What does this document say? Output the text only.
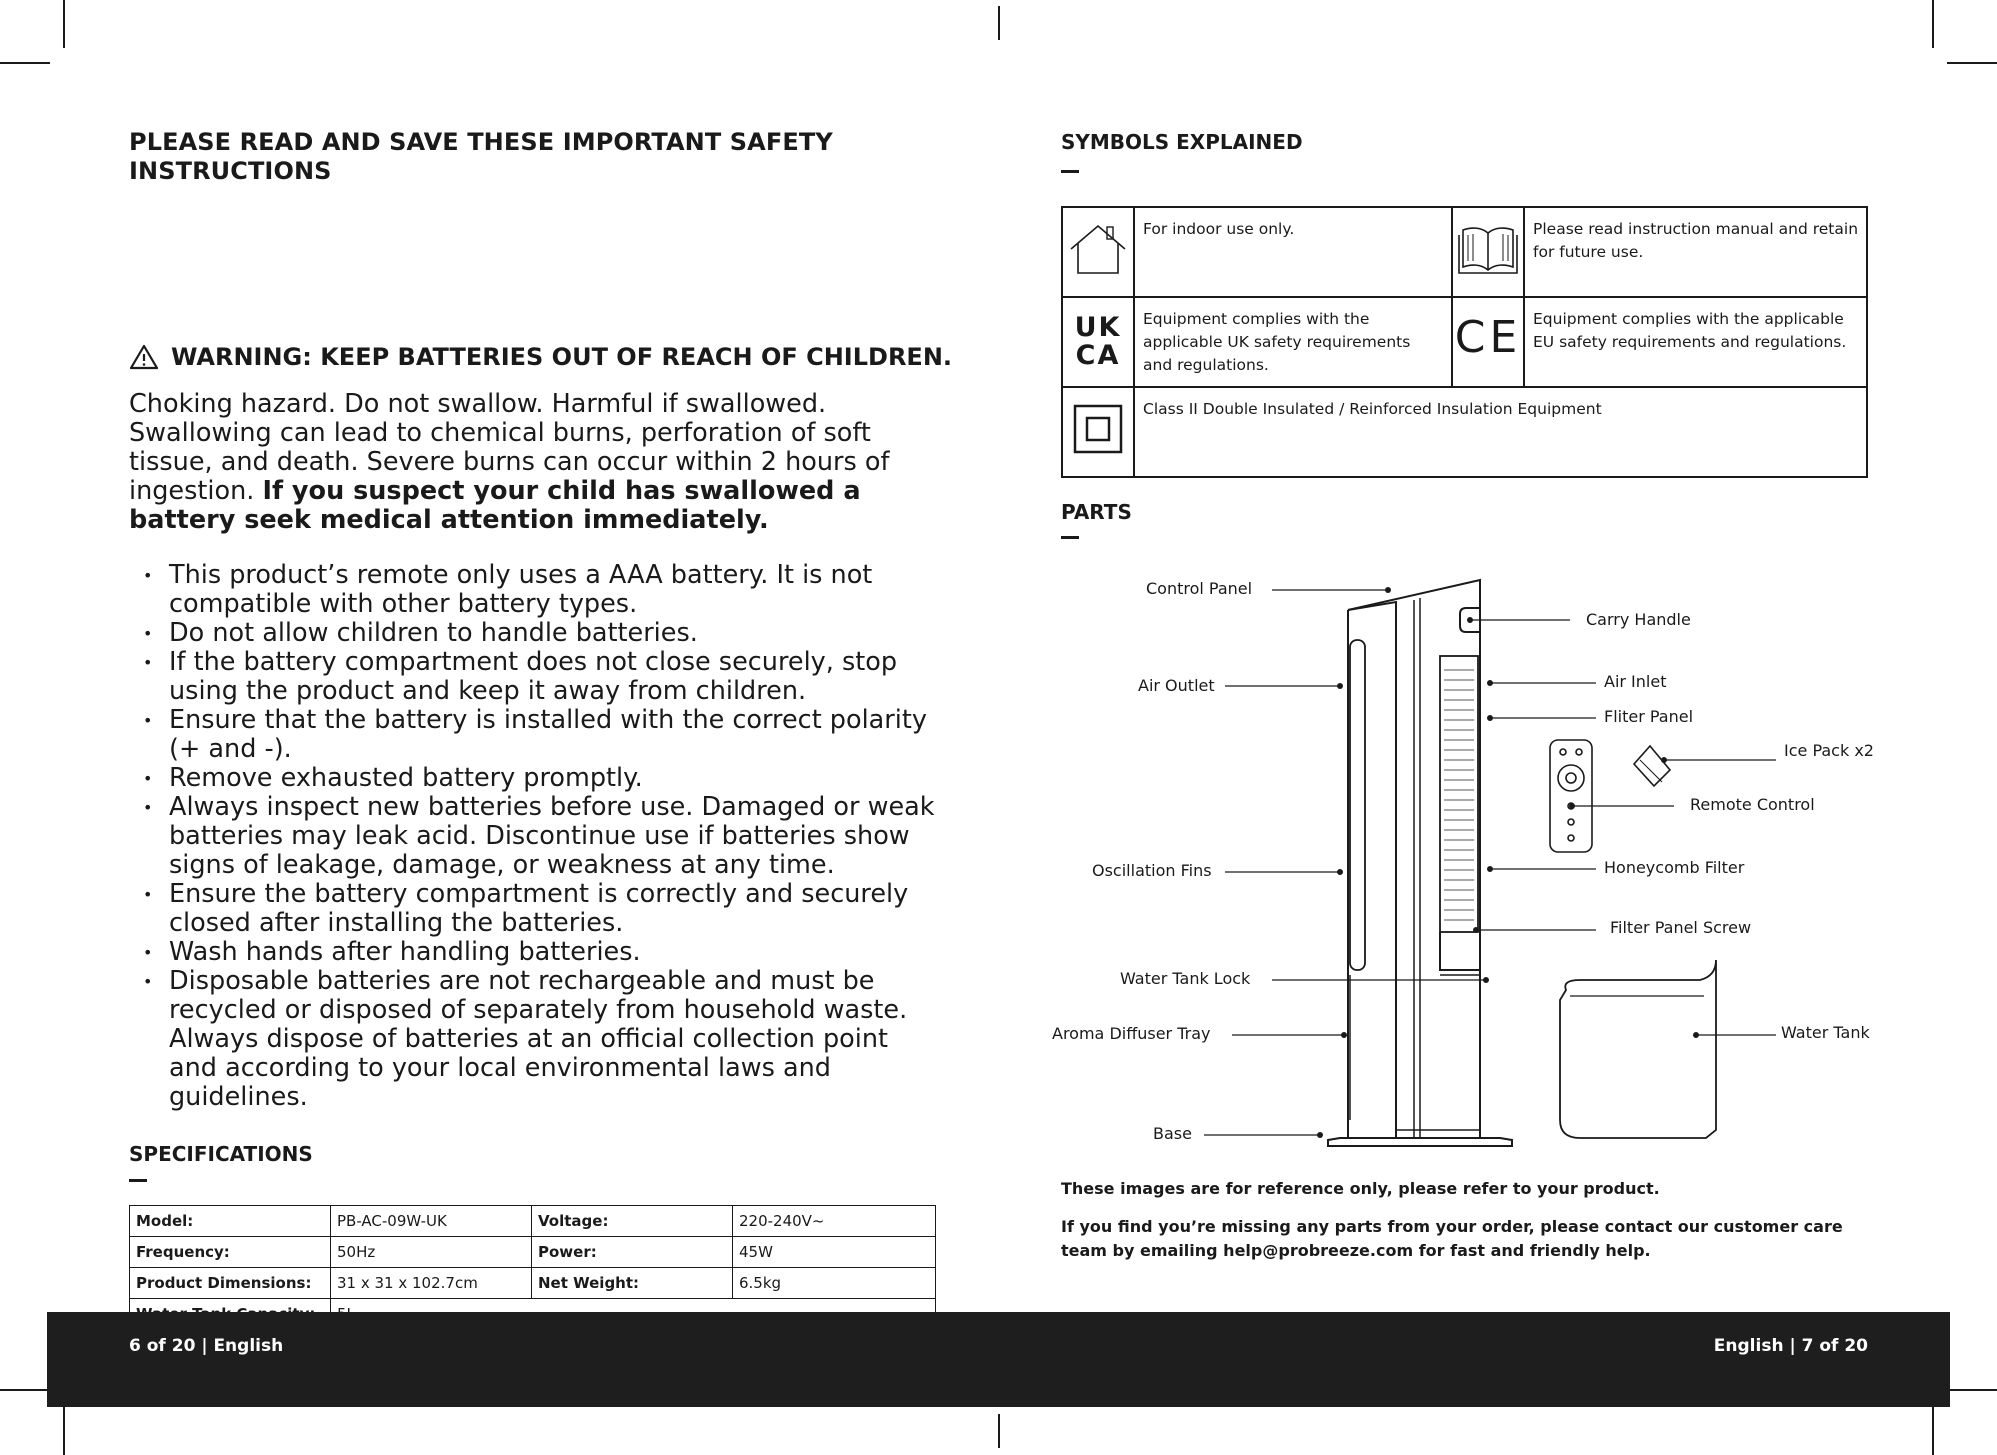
PLEASE READ AND SAVE THESE IMPORTANT SAFETY INSTRUCTIONS
WARNING: KEEP BATTERIES OUT OF REACH OF CHILDREN.
Choking hazard. Do not swallow. Harmful if swallowed. Swallowing can lead to chemical burns, perforation of soft tissue, and death. Severe burns can occur within 2 hours of ingestion. If you suspect your child has swallowed a battery seek medical attention immediately.
• This product’s remote only uses a AAA battery. It is not compatible with other battery types.
• Do not allow children to handle batteries.
• If the battery compartment does not close securely, stop using the product and keep it away from children.
• Ensure that the battery is installed with the correct polarity (+ and -).
• Remove exhausted battery promptly.
• Always inspect new batteries before use. Damaged or weak batteries may leak acid. Discontinue use if batteries show signs of leakage, damage, or weakness at any time.
• Ensure the battery compartment is correctly and securely closed after installing the batteries.
• Wash hands after handling batteries.
• Disposable batteries are not rechargeable and must be recycled or disposed of separately from household waste. Always dispose of batteries at an official collection point and according to your local environmental laws and guidelines.
SPECIFICATIONS
Model:	PB-AC-09W-UK	Voltage:	220-240V~
Frequency:	50Hz	Power:	45W
Product Dimensions:	31 x 31 x 102.7cm	Net Weight:	6.5kg

SYMBOLS EXPLAINED
	For indoor use only.		Please read instruction manual and retain for future use.
UK CA	Equipment complies with the applicable UK safety requirements and regulations.	CE	Equipment complies with the applicable EU safety requirements and regulations.
	Class II Double Insulated / Reinforced Insulation Equipment		
PARTS
Control Panel
Carry Handle
Air Outlet	Air Inlet
Fliter Panel
Ice Pack x2
Remote Control
Oscillation Fins	Honeycomb Filter
Filter Panel Screw
Water Tank Lock
Aroma Diffuser Tray	Water Tank
Base
These images are for reference only, please refer to your product.
If you find you’re missing any parts from your order, please contact our customer care team by emailing help@probreeze.com for fast and friendly help.
6 of 20 | English	English | 7 of 20
